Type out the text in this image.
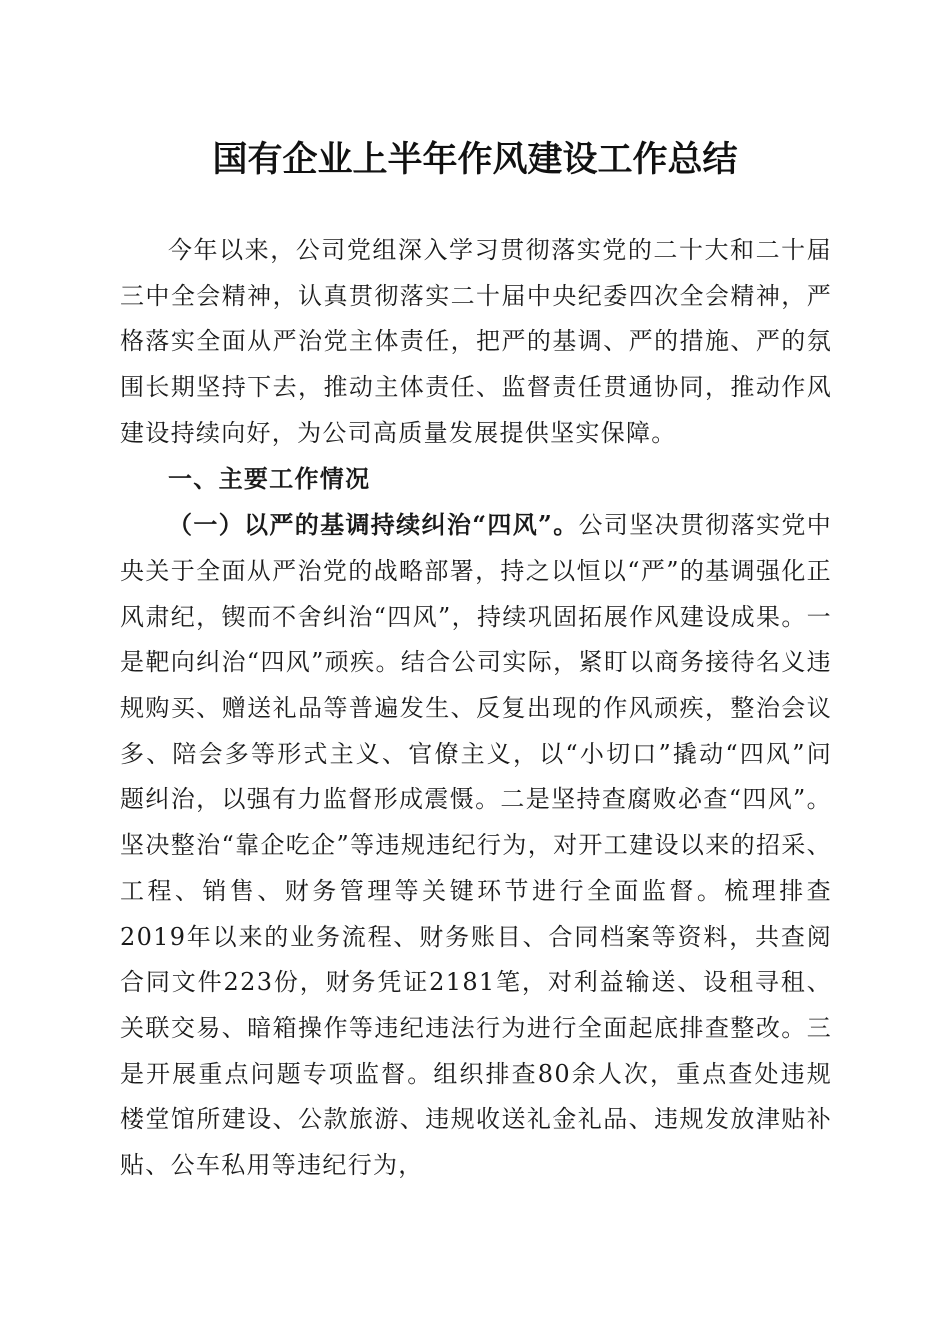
国有企业上半年作风建设工作总结

今年以来，公司党组深入学习贯彻落实党的二十大和二十届三中全会精神，认真贯彻落实二十届中央纪委四次全会精神，严格落实全面从严治党主体责任，把严的基调、严的措施、严的氛围长期坚持下去，推动主体责任、监督责任贯通协同，推动作风建设持续向好，为公司高质量发展提供坚实保障。

一、主要工作情况

（一）以严的基调持续纠治“四风”。公司坚决贯彻落实党中央关于全面从严治党的战略部署，持之以恒以“严”的基调强化正风肃纪，锲而不舍纠治“四风”，持续巩固拓展作风建设成果。一是靶向纠治“四风”顽疾。结合公司实际，紧盯以商务接待名义违规购买、赠送礼品等普遍发生、反复出现的作风顽疾，整治会议多、陪会多等形式主义、官僚主义，以“小切口”撬动“四风”问题纠治，以强有力监督形成震慑。二是坚持查腐败必查“四风”。坚决整治“靠企吃企”等违规违纪行为，对开工建设以来的招采、工程、销售、财务管理等关键环节进行全面监督。梳理排查2019年以来的业务流程、财务账目、合同档案等资料，共查阅合同文件223份，财务凭证2181笔，对利益输送、设租寻租、关联交易、暗箱操作等违纪违法行为进行全面起底排查整改。三是开展重点问题专项监督。组织排查80余人次，重点查处违规楼堂馆所建设、公款旅游、违规收送礼金礼品、违规发放津贴补贴、公车私用等违纪行为，
